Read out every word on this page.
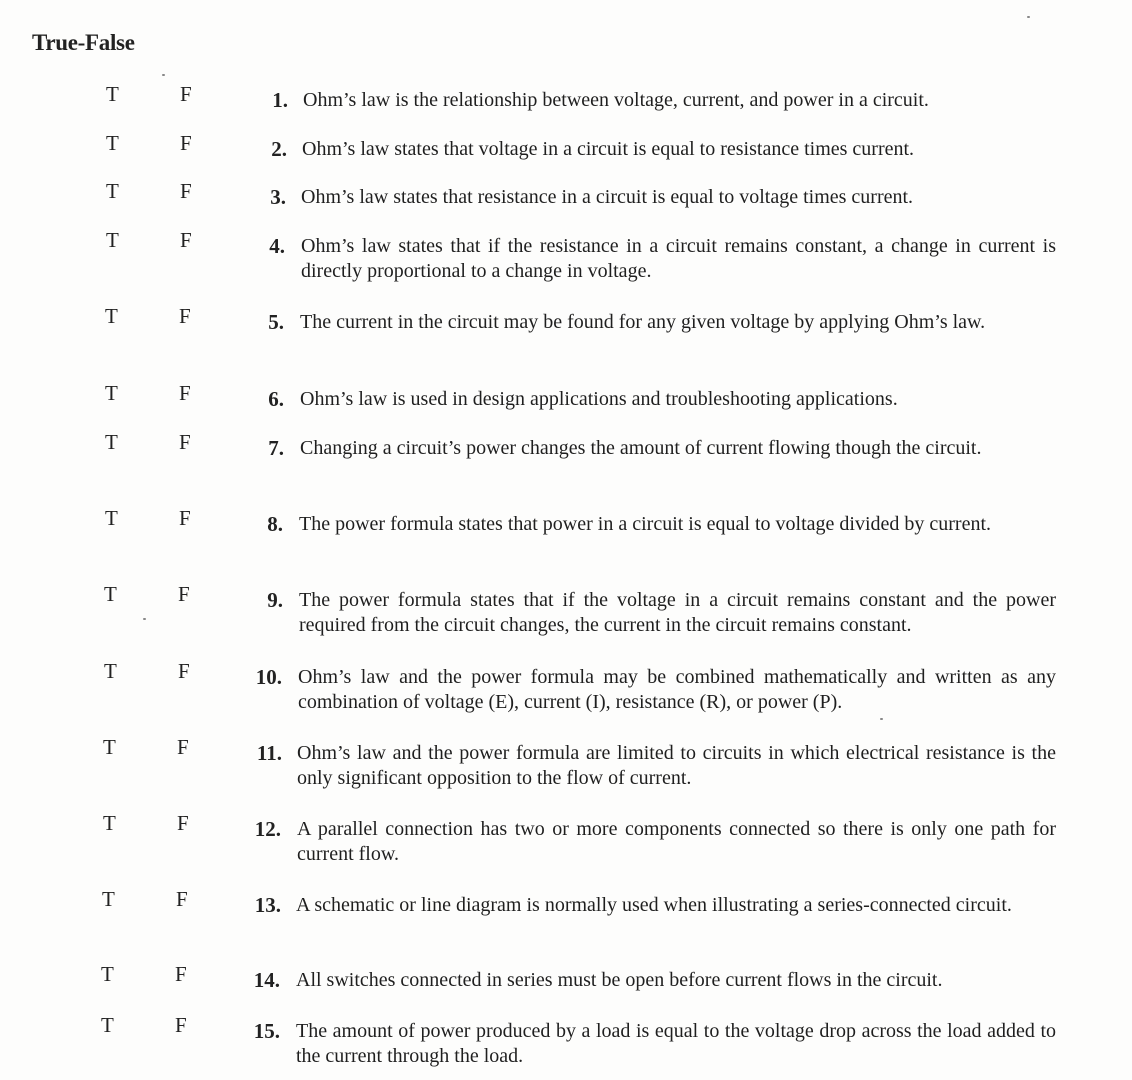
True-False
T	F	1. Ohm’s law is the relationship between voltage, current, and power in a circuit.
T	F	2. Ohm’s law states that voltage in a circuit is equal to resistance times current.
T	F	3. Ohm’s law states that resistance in a circuit is equal to voltage times current.
T	F	4. Ohm’s law states that if the resistance in a circuit remains constant, a change in current is directly proportional to a change in voltage.
T	F	5. The current in the circuit may be found for any given voltage by applying Ohm’s law.
T	F	6. Ohm’s law is used in design applications and troubleshooting applications.
T	F	7. Changing a circuit’s power changes the amount of current flowing though the circuit.
T	F	8. The power formula states that power in a circuit is equal to voltage divided by current.
T	F	9. The power formula states that if the voltage in a circuit remains constant and the power required from the circuit changes, the current in the circuit remains constant.
T	F	10. Ohm’s law and the power formula may be combined mathematically and written as any combination of voltage (E), current (I), resistance (R), or power (P).
T	F	11. Ohm’s law and the power formula are limited to circuits in which electrical resistance is the only significant opposition to the flow of current.
T	F	12. A parallel connection has two or more components connected so there is only one path for current flow.
T	F	13. A schematic or line diagram is normally used when illustrating a series-connected circuit.
T	F	14. All switches connected in series must be open before current flows in the circuit.
T	F	15. The amount of power produced by a load is equal to the voltage drop across the load added to the current through the load.
